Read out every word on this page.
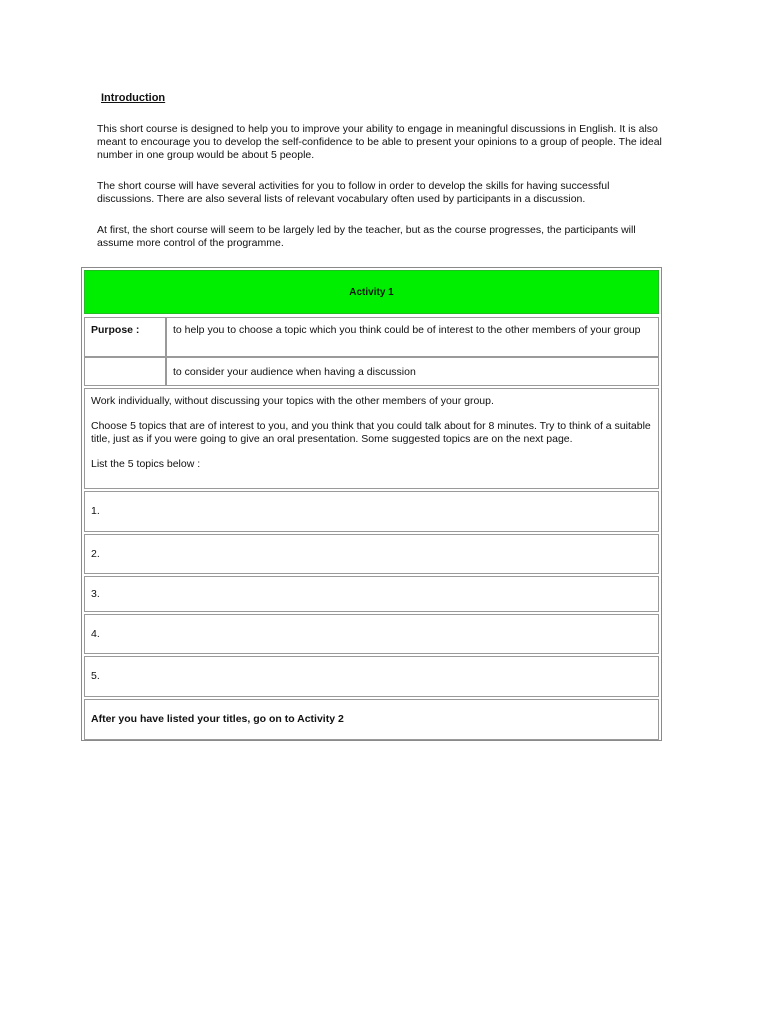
Introduction

This short course is designed to help you to improve your ability to engage in meaningful discussions in English. It is also meant to encourage you to develop the self-confidence to be able to present your opinions to a group of people. The ideal number in one group would be about 5 people.

The short course will have several activities for you to follow in order to develop the skills for having successful discussions. There are also several lists of relevant vocabulary often used by participants in a discussion.

At first, the short course will seem to be largely led by the teacher, but as the course progresses, the participants will assume more control of the programme.

Activity 1
Purpose :	to help you to choose a topic which you think could be of interest to the other members of your group
to consider your audience when having a discussion

Work individually, without discussing your topics with the other members of your group.

Choose 5 topics that are of interest to you, and you think that you could talk about for 8 minutes. Try to think of a suitable title, just as if you were going to give an oral presentation. Some suggested topics are on the next page.

List the 5 topics below :

1.
2.
3.
4.
5.
After you have listed your titles, go on to Activity 2
